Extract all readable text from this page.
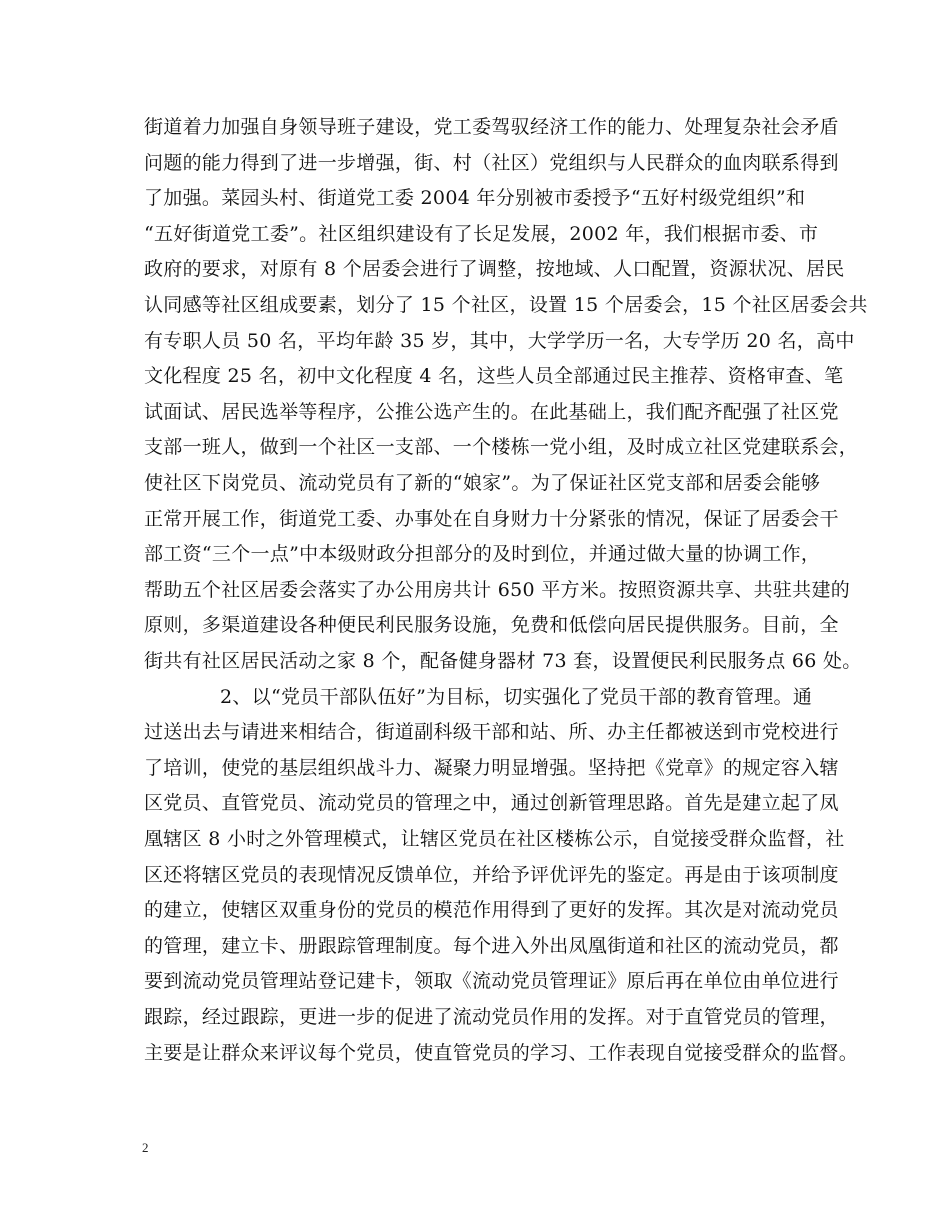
街道着力加强自身领导班子建设，党工委驾驭经济工作的能力、处理复杂社会矛盾
问题的能力得到了进一步增强，街、村（社区）党组织与人民群众的血肉联系得到
了加强。菜园头村、街道党工委 2004 年分别被市委授予“五好村级党组织”和
“五好街道党工委”。社区组织建设有了长足发展，2002 年，我们根据市委、市
政府的要求，对原有 8 个居委会进行了调整，按地域、人口配置，资源状况、居民
认同感等社区组成要素，划分了 15 个社区，设置 15 个居委会，15 个社区居委会共
有专职人员 50 名，平均年龄 35 岁，其中，大学学历一名，大专学历 20 名，高中
文化程度 25 名，初中文化程度 4 名，这些人员全部通过民主推荐、资格审查、笔
试面试、居民选举等程序，公推公选产生的。在此基础上，我们配齐配强了社区党
支部一班人，做到一个社区一支部、一个楼栋一党小组，及时成立社区党建联系会，
使社区下岗党员、流动党员有了新的“娘家”。为了保证社区党支部和居委会能够
正常开展工作，街道党工委、办事处在自身财力十分紧张的情况，保证了居委会干
部工资“三个一点”中本级财政分担部分的及时到位，并通过做大量的协调工作，
帮助五个社区居委会落实了办公用房共计 650 平方米。按照资源共享、共驻共建的
原则，多渠道建设各种便民利民服务设施，免费和低偿向居民提供服务。目前，全
街共有社区居民活动之家 8 个，配备健身器材 73 套，设置便民利民服务点 66 处。
2、以“党员干部队伍好”为目标，切实强化了党员干部的教育管理。通
过送出去与请进来相结合，街道副科级干部和站、所、办主任都被送到市党校进行
了培训，使党的基层组织战斗力、凝聚力明显增强。坚持把《党章》的规定容入辖
区党员、直管党员、流动党员的管理之中，通过创新管理思路。首先是建立起了凤
凰辖区 8 小时之外管理模式，让辖区党员在社区楼栋公示，自觉接受群众监督，社
区还将辖区党员的表现情况反馈单位，并给予评优评先的鉴定。再是由于该项制度
的建立，使辖区双重身份的党员的模范作用得到了更好的发挥。其次是对流动党员
的管理，建立卡、册跟踪管理制度。每个进入外出凤凰街道和社区的流动党员，都
要到流动党员管理站登记建卡，领取《流动党员管理证》原后再在单位由单位进行
跟踪，经过跟踪，更进一步的促进了流动党员作用的发挥。对于直管党员的管理，
主要是让群众来评议每个党员，使直管党员的学习、工作表现自觉接受群众的监督。
2
